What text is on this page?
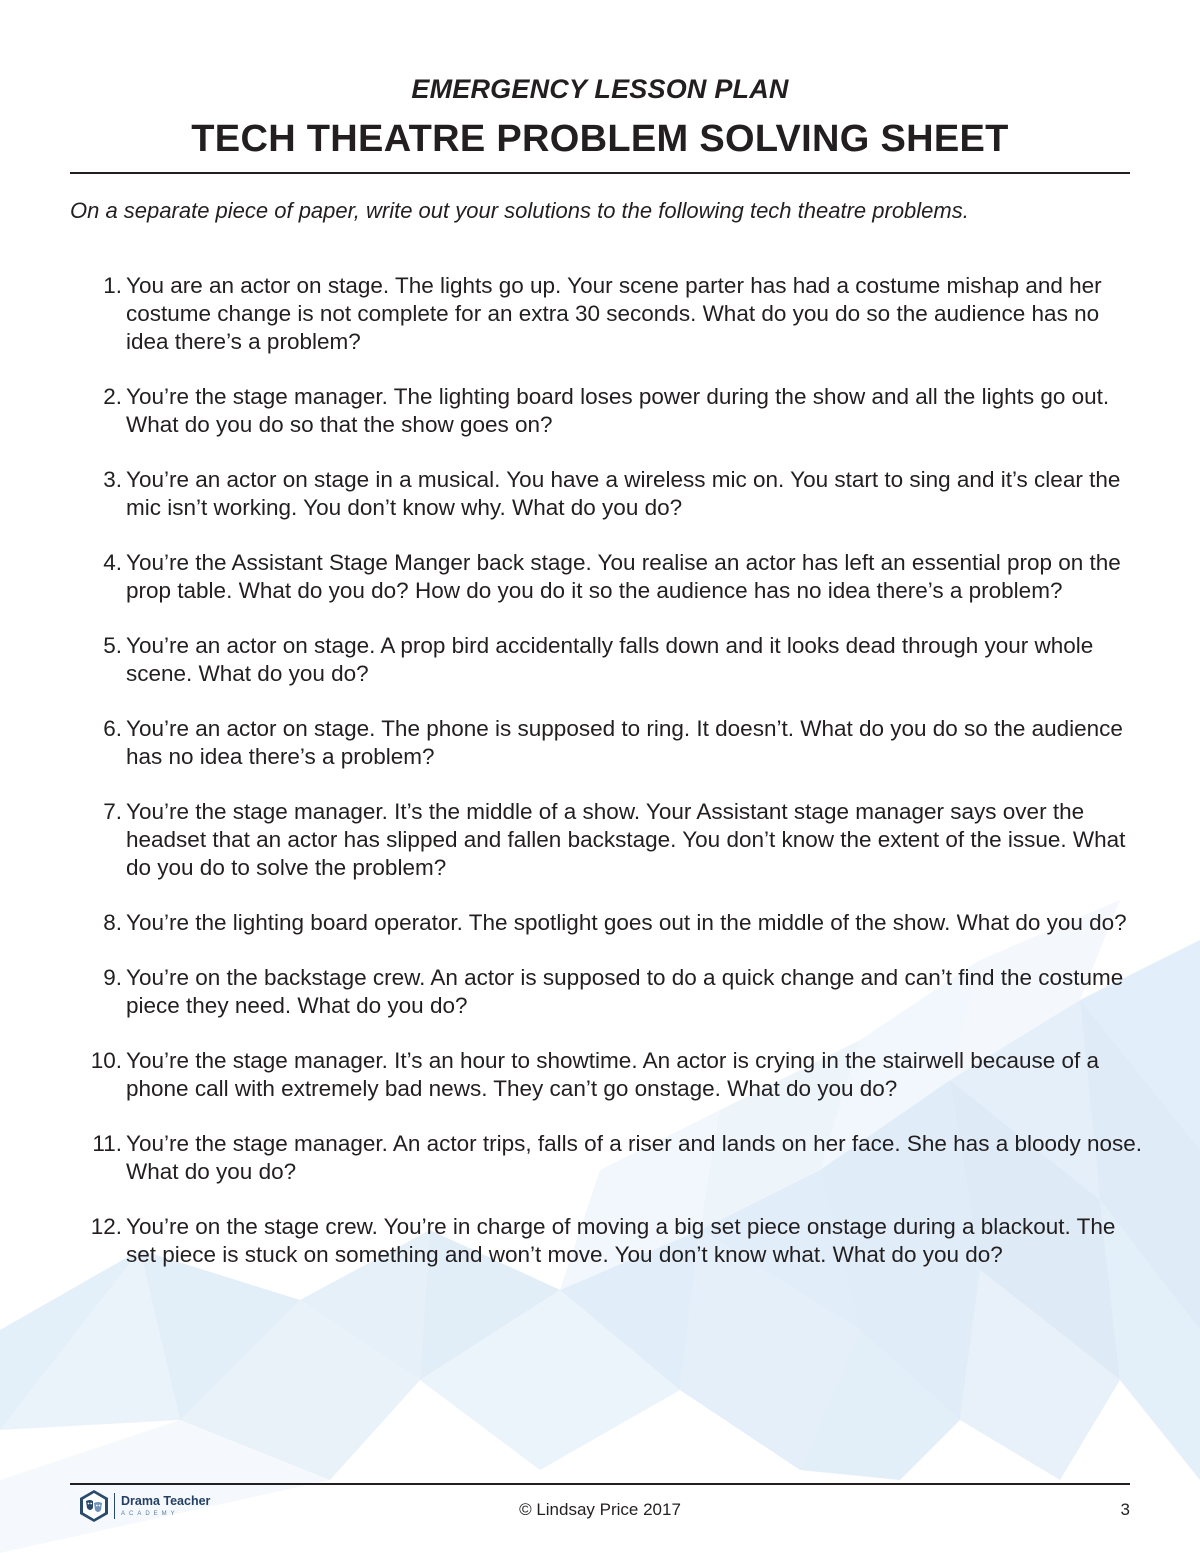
EMERGENCY LESSON PLAN
TECH THEATRE PROBLEM SOLVING SHEET
On a separate piece of paper, write out your solutions to the following tech theatre problems.
1. You are an actor on stage. The lights go up. Your scene parter has had a costume mishap and her costume change is not complete for an extra 30 seconds. What do you do so the audience has no idea there’s a problem?
2. You’re the stage manager. The lighting board loses power during the show and all the lights go out. What do you do so that the show goes on?
3. You’re an actor on stage in a musical. You have a wireless mic on. You start to sing and it’s clear the mic isn’t working. You don’t know why. What do you do?
4. You’re the Assistant Stage Manger back stage. You realise an actor has left an essential prop on the prop table. What do you do? How do you do it so the audience has no idea there’s a problem?
5. You’re an actor on stage. A prop bird accidentally falls down and it looks dead through your whole scene. What do you do?
6. You’re an actor on stage. The phone is supposed to ring. It doesn’t. What do you do so the audience has no idea there’s a problem?
7. You’re the stage manager. It’s the middle of a show. Your Assistant stage manager says over the headset that an actor has slipped and fallen backstage. You don’t know the extent of the issue. What do you do to solve the problem?
8. You’re the lighting board operator. The spotlight goes out in the middle of the show. What do you do?
9. You’re on the backstage crew. An actor is supposed to do a quick change and can’t find the costume piece they need. What do you do?
10. You’re the stage manager. It’s an hour to showtime. An actor is crying in the stairwell because of a phone call with extremely bad news. They can’t go onstage. What do you do?
11. You’re the stage manager. An actor trips, falls of a riser and lands on her face. She has a bloody nose. What do you do?
12. You’re on the stage crew. You’re in charge of moving a big set piece onstage during a blackout. The set piece is stuck on something and won’t move. You don’t know what. What do you do?
Drama Teacher
ACADEMY	© Lindsay Price 2017	3
